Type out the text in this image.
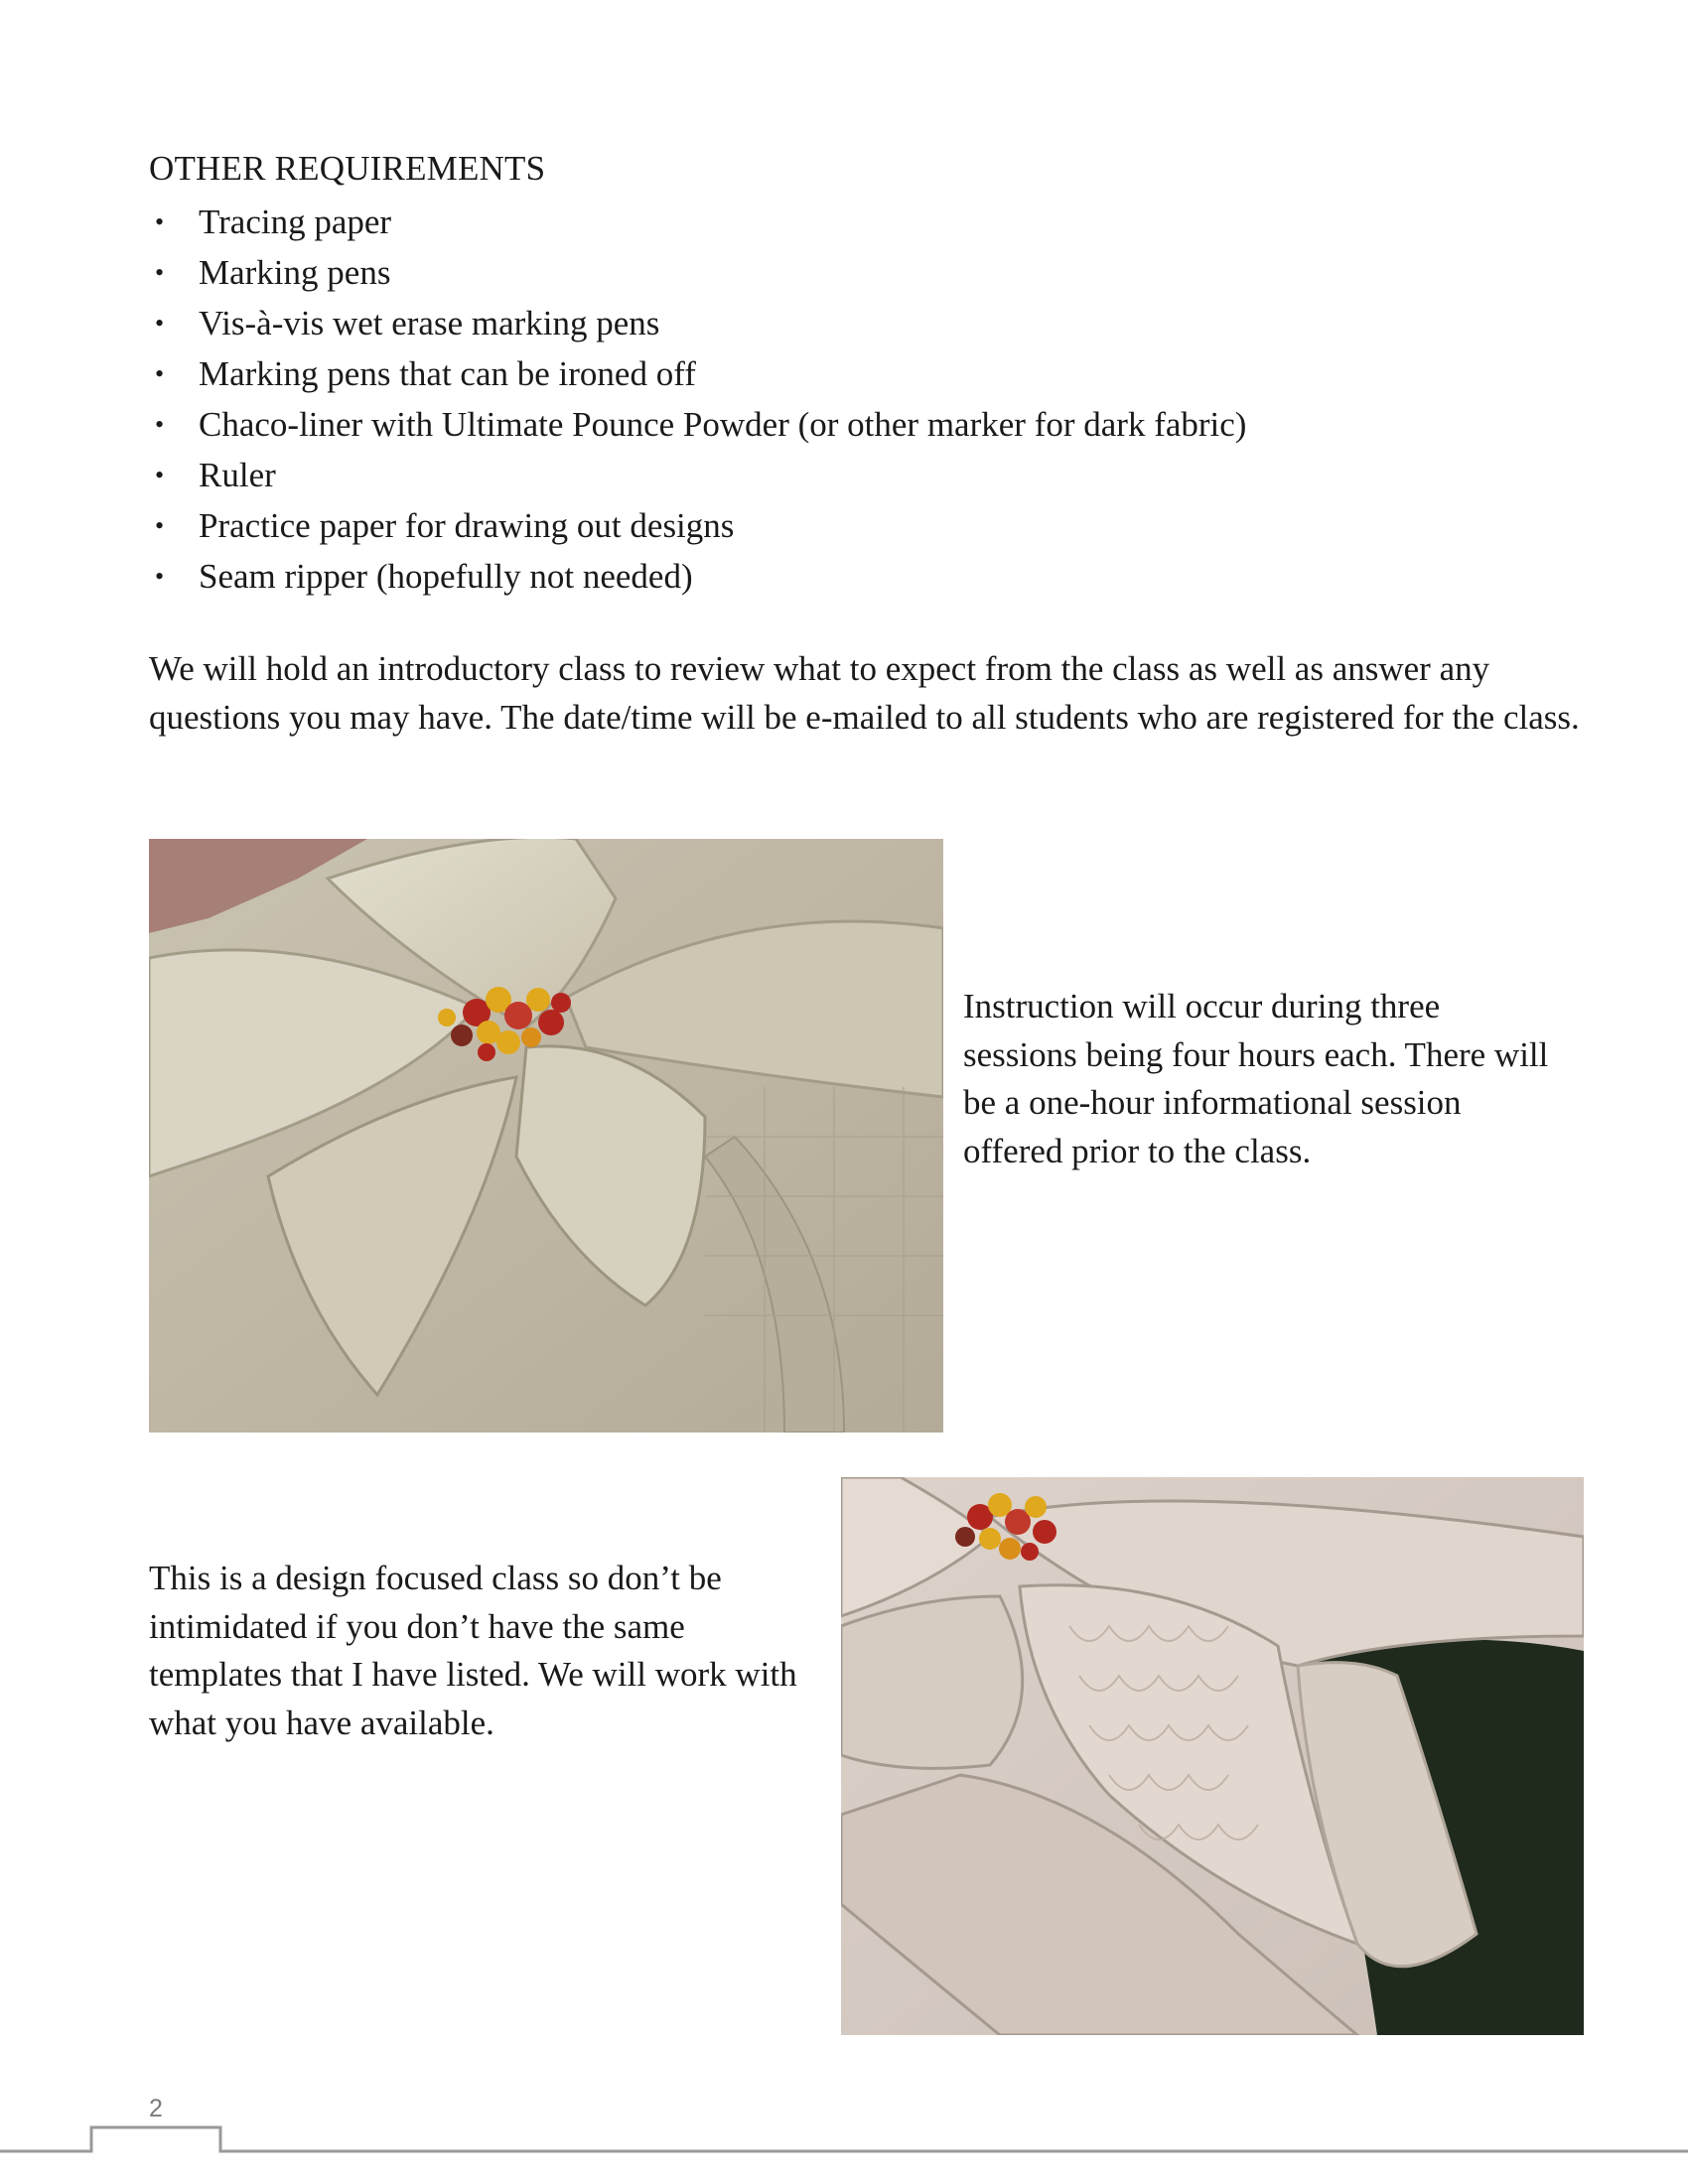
OTHER REQUIREMENTS
• Tracing paper
• Marking pens
• Vis-à-vis wet erase marking pens
• Marking pens that can be ironed off
• Chaco-liner with Ultimate Pounce Powder (or other marker for dark fabric)
• Ruler
• Practice paper for drawing out designs
• Seam ripper (hopefully not needed)

We will hold an introductory class to review what to expect from the class as well as answer any questions you may have. The date/time will be e-mailed to all students who are registered for the class.

Instruction will occur during three sessions being four hours each. There will be a one-hour informational session offered prior to the class.

This is a design focused class so don’t be intimidated if you don’t have the same templates that I have listed. We will work with what you have available.

2
